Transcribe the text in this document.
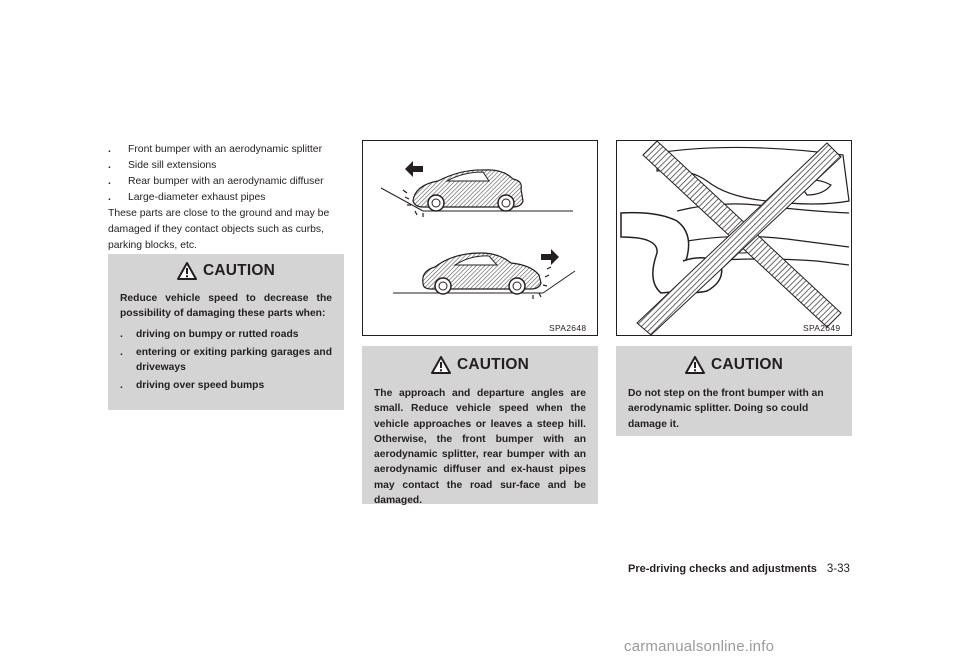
.	Front bumper with an aerodynamic splitter
.	Side sill extensions
.	Rear bumper with an aerodynamic diffuser
.	Large-diameter exhaust pipes
These parts are close to the ground and may be damaged if they contact objects such as curbs, parking blocks, etc.
CAUTION
Reduce vehicle speed to decrease the possibility of damaging these parts when:
.	driving on bumpy or rutted roads
.	entering or exiting parking garages and driveways
.	driving over speed bumps
SPA2648
CAUTION
The approach and departure angles are small. Reduce vehicle speed when the vehicle approaches or leaves a steep hill. Otherwise, the front bumper with an aerodynamic splitter, rear bumper with an aerodynamic diffuser and ex-haust pipes may contact the road sur-face and be damaged.
SPA2649
CAUTION
Do not step on the front bumper with an aerodynamic splitter. Doing so could damage it.
Pre-driving checks and adjustments 3-33
carmanualsonline.info
